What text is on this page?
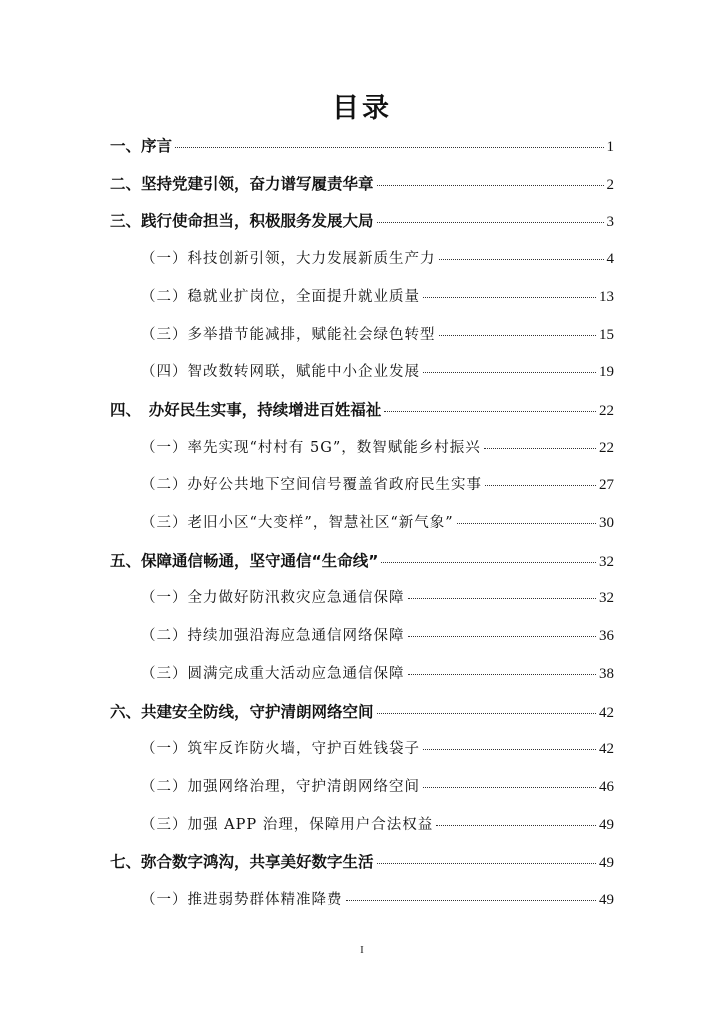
目录
一、序言	1
二、坚持党建引领，奋力谱写履责华章	2
三、践行使命担当，积极服务发展大局	3
（一）科技创新引领，大力发展新质生产力	4
（二）稳就业扩岗位，全面提升就业质量	13
（三）多举措节能减排，赋能社会绿色转型	15
（四）智改数转网联，赋能中小企业发展	19
四、　办好民生实事，持续增进百姓福祉	22
（一）率先实现“村村有 5G”，数智赋能乡村振兴	22
（二）办好公共地下空间信号覆盖省政府民生实事	27
（三）老旧小区“大变样”，智慧社区“新气象”	30
五、保障通信畅通，坚守通信“生命线”	32
（一）全力做好防汛救灾应急通信保障	32
（二）持续加强沿海应急通信网络保障	36
（三）圆满完成重大活动应急通信保障	38
六、共建安全防线，守护清朗网络空间	42
（一）筑牢反诈防火墙，守护百姓钱袋子	42
（二）加强网络治理，守护清朗网络空间	46
（三）加强 APP 治理，保障用户合法权益	49
七、弥合数字鸿沟，共享美好数字生活	49
（一）推进弱势群体精准降费	49
I
